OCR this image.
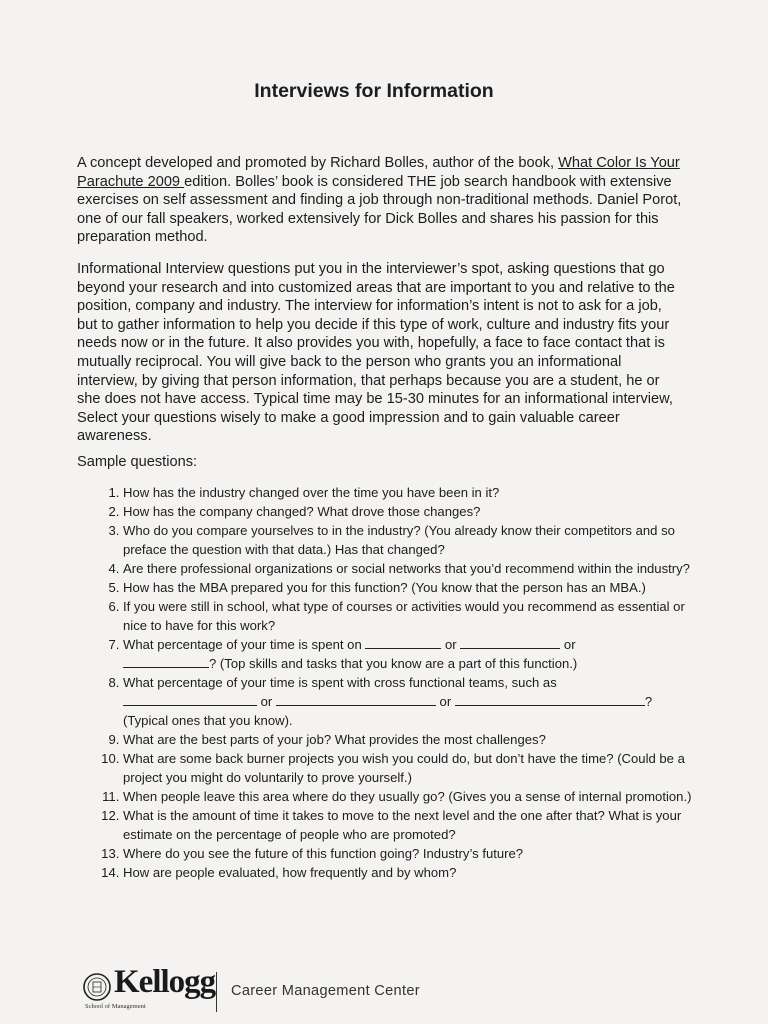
Interviews for Information

A concept developed and promoted by Richard Bolles, author of the book, What Color Is Your Parachute 2009 edition. Bolles’ book is considered THE job search handbook with extensive exercises on self assessment and finding a job through non-traditional methods. Daniel Porot, one of our fall speakers, worked extensively for Dick Bolles and shares his passion for this preparation method.

Informational Interview questions put you in the interviewer’s spot, asking questions that go beyond your research and into customized areas that are important to you and relative to the position, company and industry. The interview for information’s intent is not to ask for a job, but to gather information to help you decide if this type of work, culture and industry fits your needs now or in the future. It also provides you with, hopefully, a face to face contact that is mutually reciprocal. You will give back to the person who grants you an informational interview, by giving that person information, that perhaps because you are a student, he or she does not have access. Typical time may be 15-30 minutes for an informational interview, Select your questions wisely to make a good impression and to gain valuable career awareness.

Sample questions:
1. How has the industry changed over the time you have been in it?
2. How has the company changed? What drove those changes?
3. Who do you compare yourselves to in the industry? (You already know their competitors and so preface the question with that data.) Has that changed?
4. Are there professional organizations or social networks that you’d recommend within the industry?
5. How has the MBA prepared you for this function? (You know that the person has an MBA.)
6. If you were still in school, what type of courses or activities would you recommend as essential or nice to have for this work?
7. What percentage of your time is spent on	or	or
? (Top skills and tasks that you know are a part of this function.)
8. What percentage of your time is spent with cross functional teams, such as
or	or	?
(Typical ones that you know).
9. What are the best parts of your job? What provides the most challenges?
10. What are some back burner projects you wish you could do, but don’t have the time? (Could be a project you might do voluntarily to prove yourself.)
11. When people leave this area where do they usually go? (Gives you a sense of internal promotion.)
12. What is the amount of time it takes to move to the next level and the one after that? What is your estimate on the percentage of people who are promoted?
13. Where do you see the future of this function going? Industry’s future?
14. How are people evaluated, how frequently and by whom?
Kellogg
School of Management
Career Management Center
